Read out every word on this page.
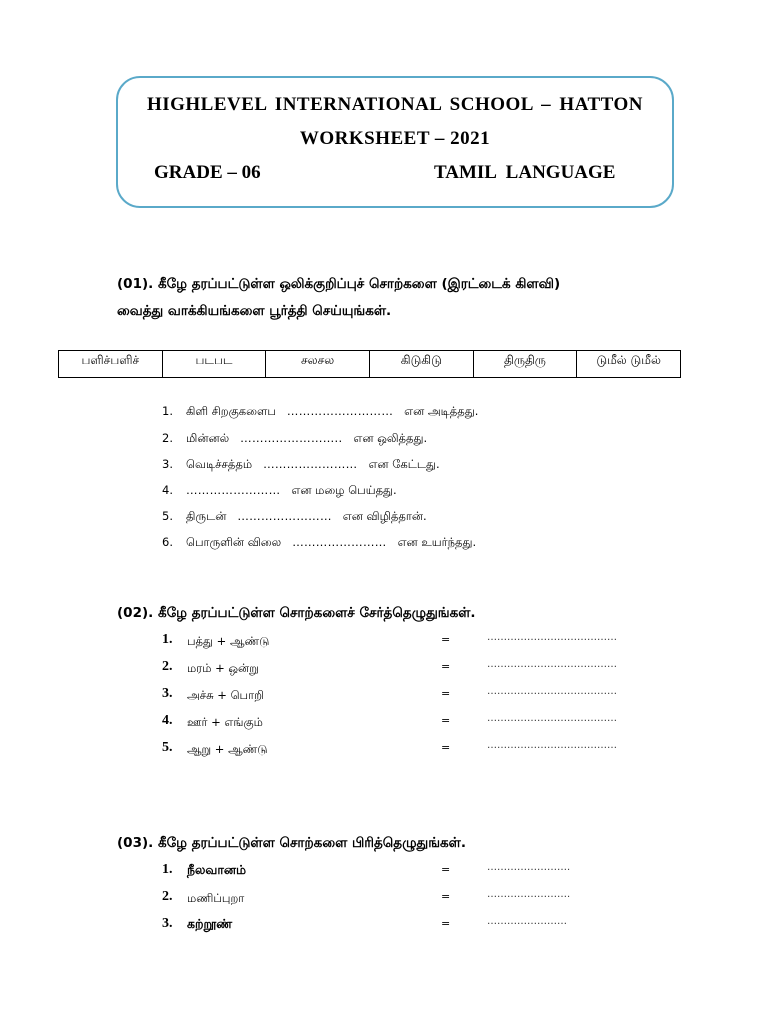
HIGHLEVEL INTERNATIONAL SCHOOL – HATTON
WORKSHEET – 2021
GRADE – 06	TAMIL LANGUAGE
(01). கீழே தரப்பட்டுள்ள ஒலிக்குறிப்புச் சொற்களை (இரட்டைக் கிளவி)
வைத்து வாக்கியங்களை பூர்த்தி செய்யுங்கள்.
பளிச்பளிச்	படபட	சலசல	கிடுகிடு	திருதிரு	டுமீல் டுமீல்
1. கிளி சிறகுகளைப ……………………… என அடித்தது.
2. மின்னல் …………………….. என ஒலித்தது.
3. வெடிச்சத்தம் …………………… என கேட்டது.
4. …………………… என மழை பெய்தது.
5. திருடன் …………………… என விழித்தான்.
6. பொருளின் விலை …………………… என உயர்ந்தது.
(02). கீழே தரப்பட்டுள்ள சொற்களைச் சேர்த்தெழுதுங்கள்.
1. பத்து + ஆண்டு	=	…………………………………
2. மரம் + ஒன்று	=	…………………………………
3. அச்சு + பொறி	=	…………………………………
4. ஊர் + எங்கும்	=	…………………………………
5. ஆறு + ஆண்டு	=	…………………………………
(03). கீழே தரப்பட்டுள்ள சொற்களை பிரித்தெழுதுங்கள்.
1. நீலவானம்	=	…………………….
2. மணிப்புறா	=	…………………….
3. கற்றூண்	=	……………………
